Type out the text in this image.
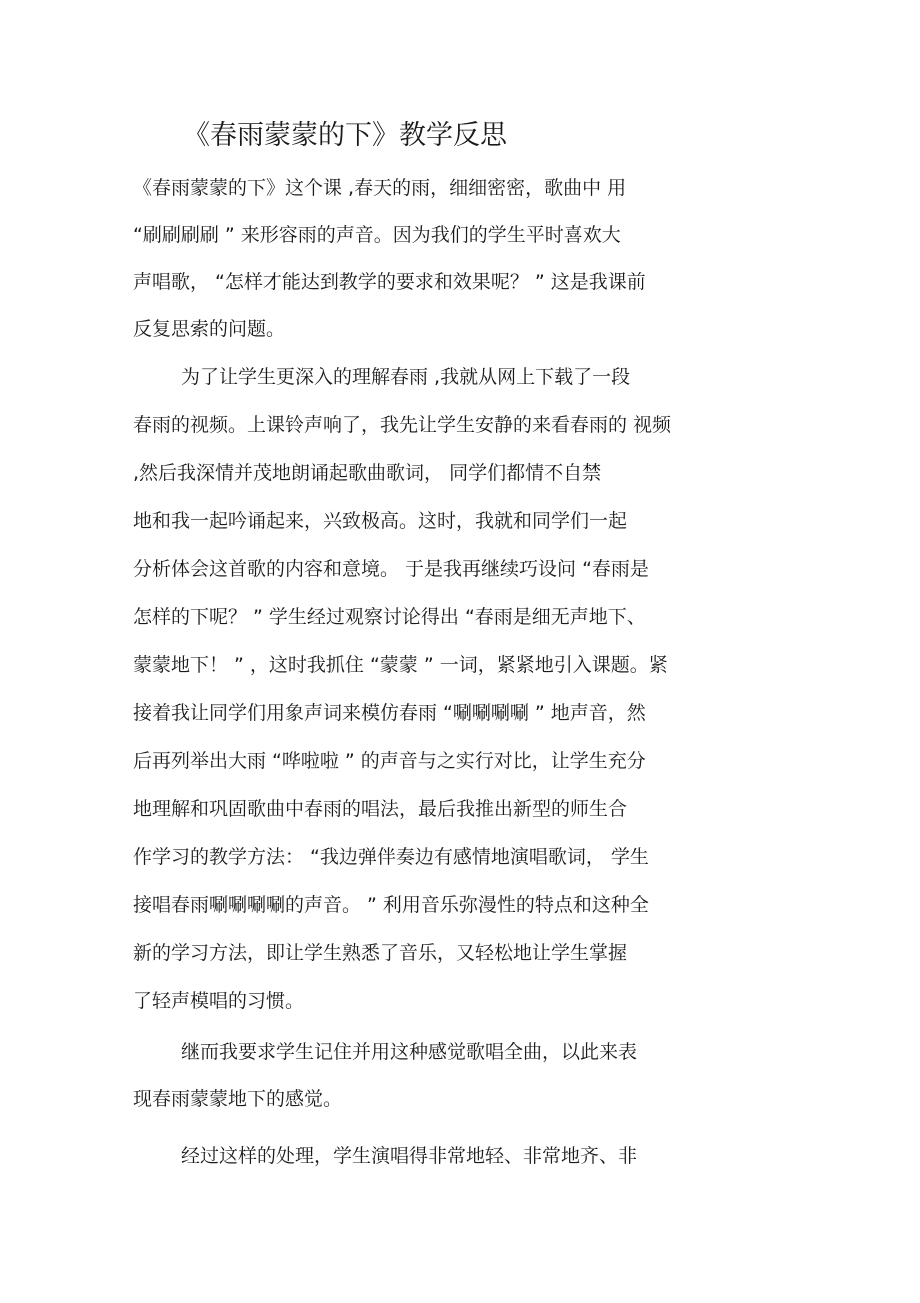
《春雨蒙蒙的下》教学反思
《春雨蒙蒙的下》这个课 ,春天的雨，细细密密，歌曲中 用
“刷刷刷刷 ” 来形容雨的声音。因为我们的学生平时喜欢大
声唱歌， “怎样才能达到教学的要求和效果呢？ ” 这是我课前
反复思索的问题。
为了让学生更深入的理解春雨 ,我就从网上下载了一段
春雨的视频。上课铃声响了，我先让学生安静的来看春雨的 视频
,然后我深情并茂地朗诵起歌曲歌词， 同学们都情不自禁
地和我一起吟诵起来，兴致极高。这时，我就和同学们一起
分析体会这首歌的内容和意境。 于是我再继续巧设问 “春雨是
怎样的下呢？ ” 学生经过观察讨论得出 “春雨是细无声地下、
蒙蒙地下！ ” ，这时我抓住 “蒙蒙 ” 一词，紧紧地引入课题。紧
接着我让同学们用象声词来模仿春雨 “唰唰唰唰 ” 地声音，然
后再列举出大雨 “哗啦啦 ” 的声音与之实行对比，让学生充分
地理解和巩固歌曲中春雨的唱法，最后我推出新型的师生合
作学习的教学方法： “我边弹伴奏边有感情地演唱歌词， 学生
接唱春雨唰唰唰唰的声音。 ” 利用音乐弥漫性的特点和这种全
新的学习方法，即让学生熟悉了音乐，又轻松地让学生掌握
了轻声模唱的习惯。
继而我要求学生记住并用这种感觉歌唱全曲，以此来表
现春雨蒙蒙地下的感觉。
经过这样的处理，学生演唱得非常地轻、非常地齐、非
